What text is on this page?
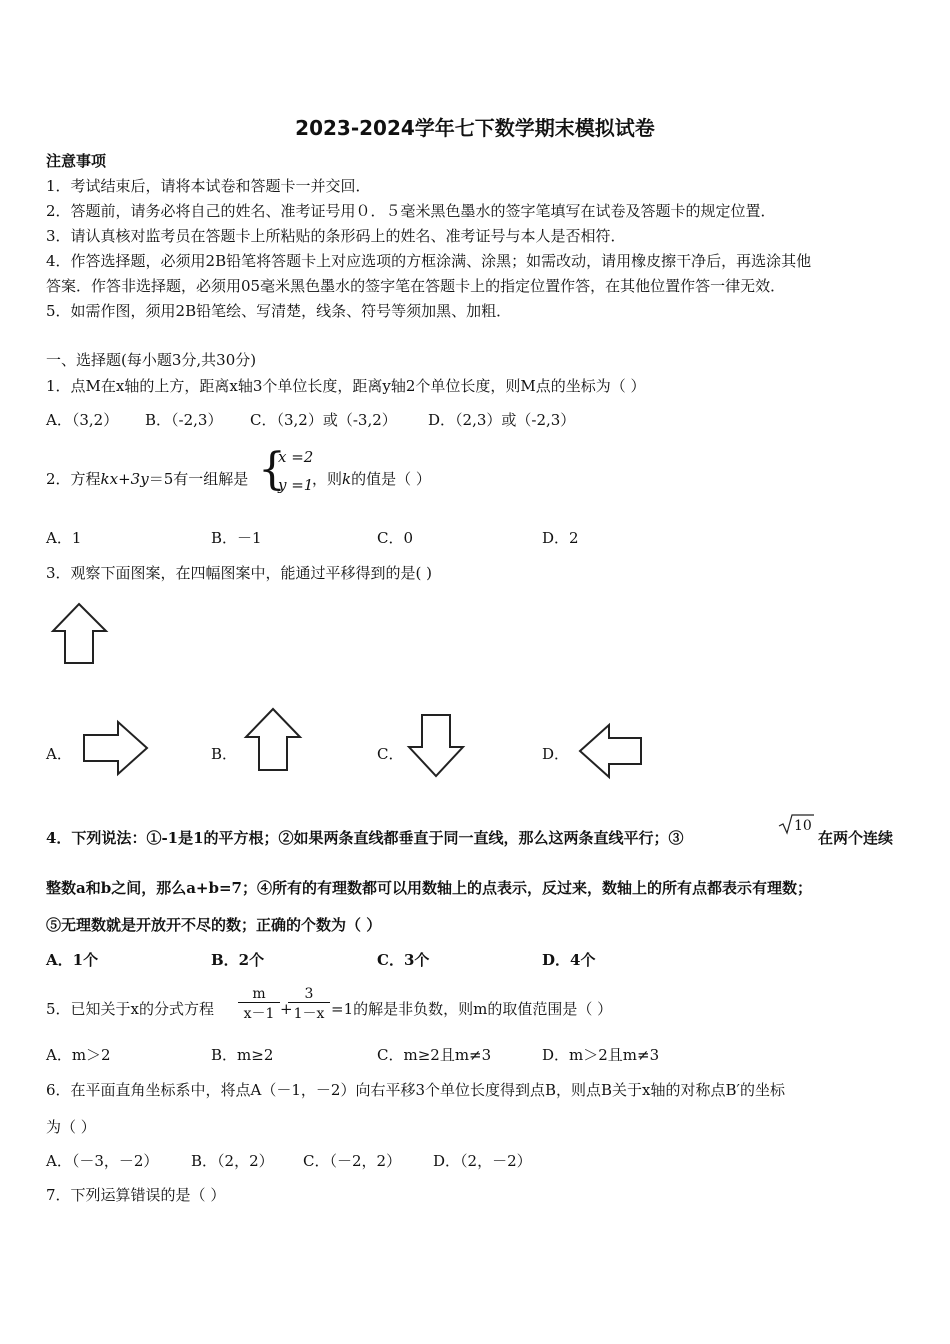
2023-2024学年七下数学期末模拟试卷
注意事项
1．考试结束后，请将本试卷和答题卡一并交回．
2．答题前，请务必将自己的姓名、准考证号用０．５毫米黑色墨水的签字笔填写在试卷及答题卡的规定位置．
3．请认真核对监考员在答题卡上所粘贴的条形码上的姓名、准考证号与本人是否相符．
4．作答选择题，必须用2B铅笔将答题卡上对应选项的方框涂满、涂黑；如需改动，请用橡皮擦干净后，再选涂其他
答案．作答非选择题，必须用05毫米黑色墨水的签字笔在答题卡上的指定位置作答，在其他位置作答一律无效．
5．如需作图，须用2B铅笔绘、写清楚，线条、符号等须加黑、加粗．
一、选择题(每小题3分,共30分)
1．点M在x轴的上方，距离x轴3个单位长度，距离y轴2个单位长度，则M点的坐标为（ ）
A．（3,2） B．（-2,3） C．（3,2）或（-3,2） D．（2,3）或（-2,3）
2．方程kx+3y＝5有一组解是 {
x =2
y =1
，则k的值是（ ）
A．1	B．－1	C．0	D．2
3．观察下面图案，在四幅图案中，能通过平移得到的是( )
A．	B．	C．	D．
4．下列说法：①-1是1的平方根；②如果两条直线都垂直于同一直线，那么这两条直线平行；③
10
在两个连续
整数a和b之间，那么a+b=7；④所有的有理数都可以用数轴上的点表示，反过来，数轴上的所有点都表示有理数；
⑤无理数就是开放开不尽的数；正确的个数为（ ）
A．1个	B．2个	C．3个	D．4个
5．已知关于x的分式方程 $\frac{m}{x-1}$ +
$\frac{3}{1-x} =1$的解是非负数，则m的取值范围是（ ）
A．m＞2	B．m≥2	C．m≥2且m≠3	D．m＞2且m≠3
6．在平面直角坐标系中，将点A（－1，－2）向右平移3个单位长度得到点B，则点B关于x轴的对称点B′的坐标
为（ ）
A．（－3，－2） B．（2，2） C．（－2，2） D．（2，－2）
7．下列运算错误的是（ ）
